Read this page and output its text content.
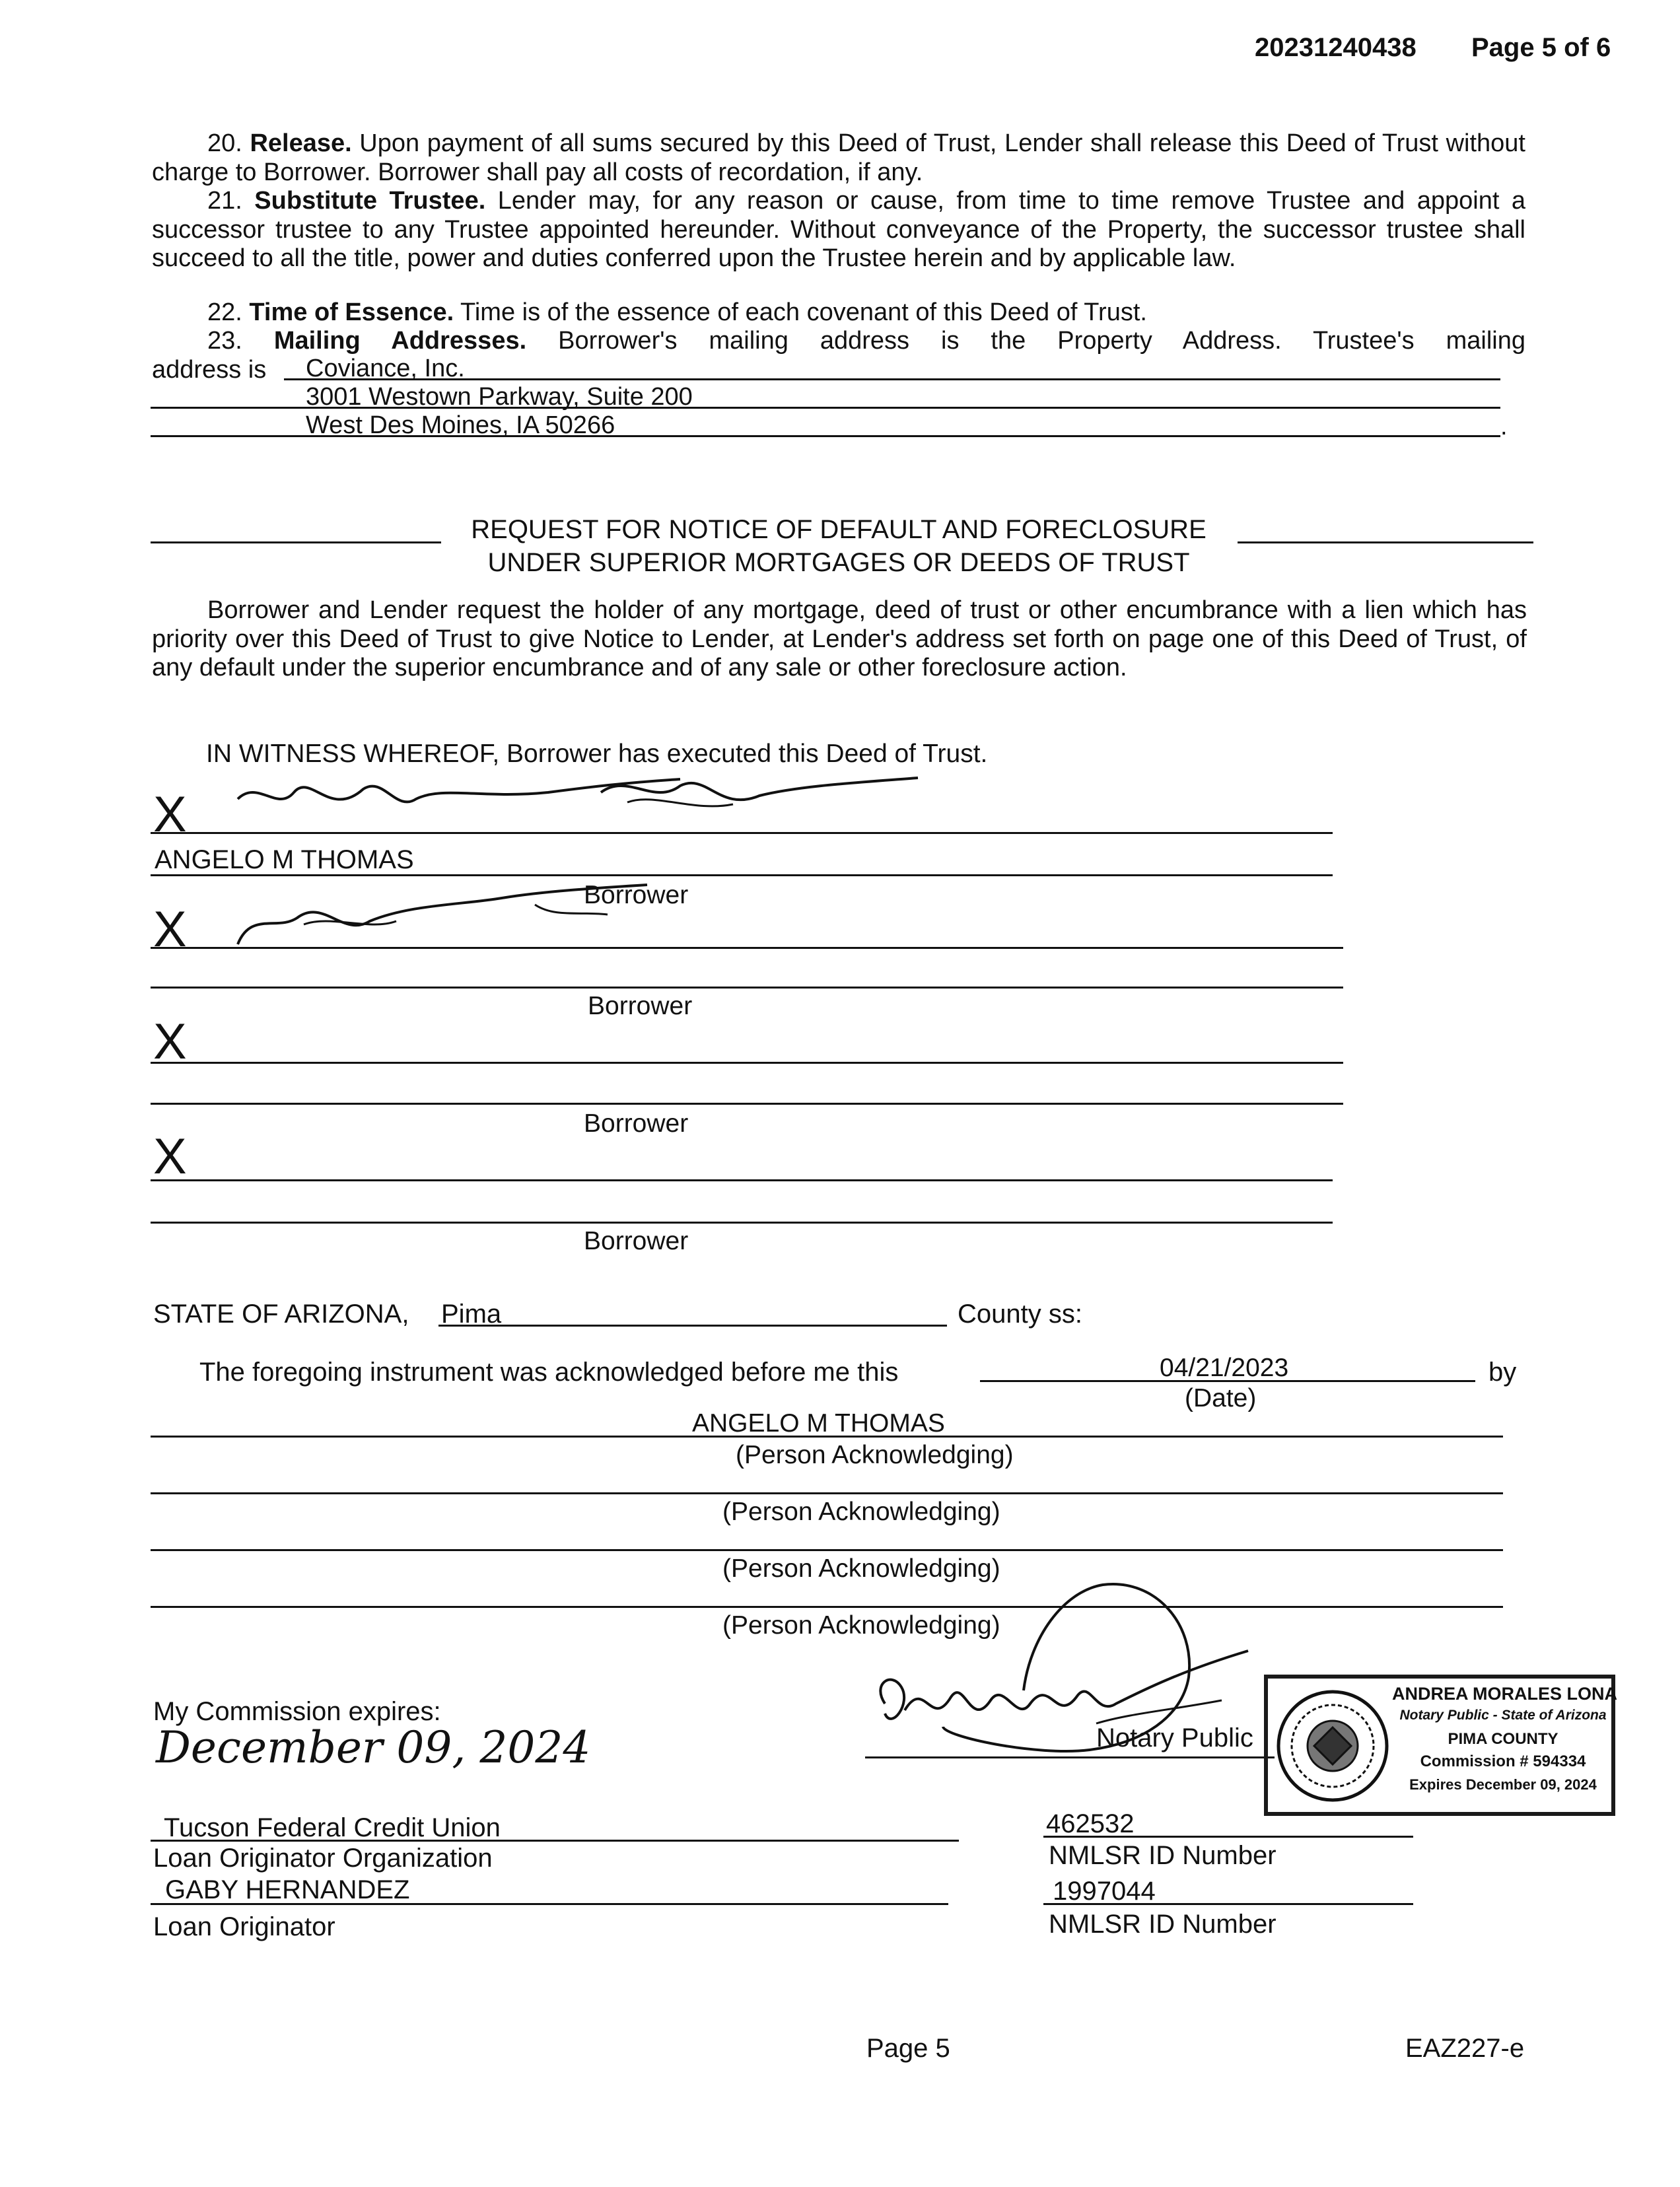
20231240438 Page 5 of 6
20. Release. Upon payment of all sums secured by this Deed of Trust, Lender shall release this Deed of Trust without charge to Borrower. Borrower shall pay all costs of recordation, if any.
21. Substitute Trustee. Lender may, for any reason or cause, from time to time remove Trustee and appoint a successor trustee to any Trustee appointed hereunder. Without conveyance of the Property, the successor trustee shall succeed to all the title, power and duties conferred upon the Trustee herein and by applicable law.
22. Time of Essence. Time is of the essence of each covenant of this Deed of Trust.
23. Mailing Addresses. Borrower's mailing address is the Property Address. Trustee's mailing
address is Coviance, Inc.
3001 Westown Parkway, Suite 200
West Des Moines, IA 50266	.
REQUEST FOR NOTICE OF DEFAULT AND FORECLOSURE
UNDER SUPERIOR MORTGAGES OR DEEDS OF TRUST
Borrower and Lender request the holder of any mortgage, deed of trust or other encumbrance with a lien which has priority over this Deed of Trust to give Notice to Lender, at Lender's address set forth on page one of this Deed of Trust, of any default under the superior encumbrance and of any sale or other foreclosure action.
IN WITNESS WHEREOF, Borrower has executed this Deed of Trust.
X
ANGELO M THOMAS
Borrower
X
Borrower
X
Borrower
X
Borrower
STATE OF ARIZONA, Pima	County ss:
The foregoing instrument was acknowledged before me this	04/21/2023	by
(Date)
ANGELO M THOMAS
(Person Acknowledging)
(Person Acknowledging)
(Person Acknowledging)
(Person Acknowledging)
My Commission expires:
December 09, 2024	Notary Public
ANDREA MORALES LONA
Notary Public - State of Arizona
PIMA COUNTY
Commission # 594334
Expires December 09, 2024
Tucson Federal Credit Union
Loan Originator Organization
462532
NMLSR ID Number
GABY HERNANDEZ
Loan Originator
1997044
NMLSR ID Number
Page 5	EAZ227-e
